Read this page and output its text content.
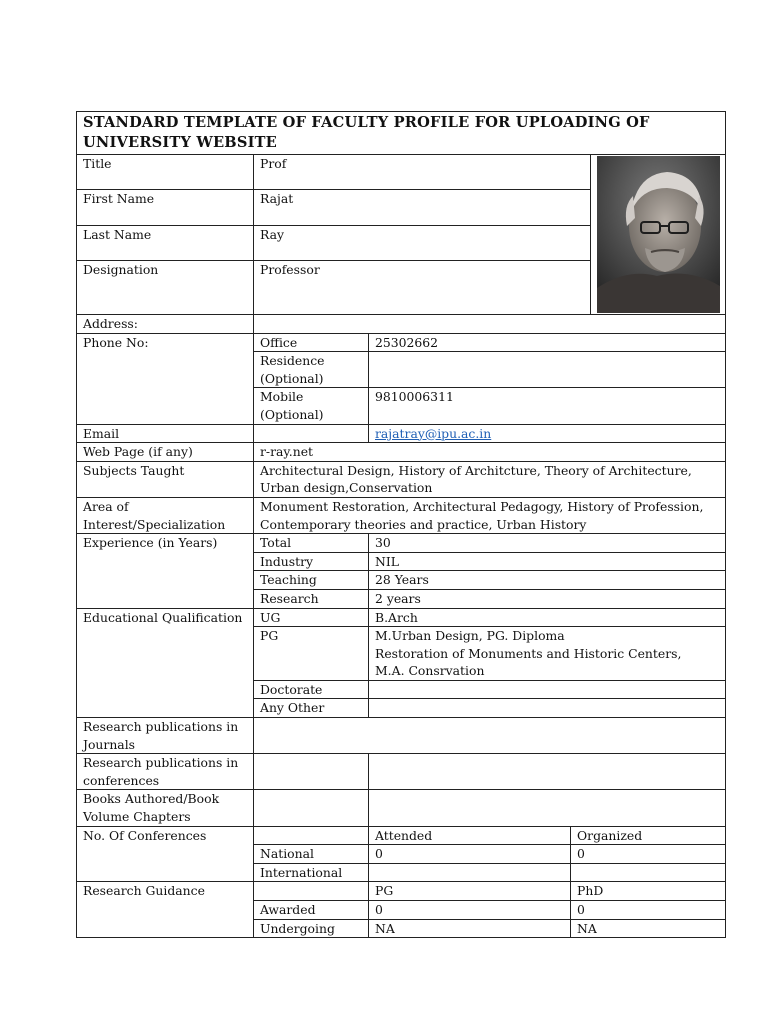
STANDARD TEMPLATE OF FACULTY PROFILE FOR UPLOADING OF UNIVERSITY WEBSITE				
Title	Prof	

First Name	Rajat			
Last Name	Ray			
Designation	Professor			
Address:				
Phone No:	Office	25302662		
	Residence (Optional)			
	Mobile (Optional)	9810006311		
Email		rajatray@ipu.ac.in		
Web Page (if any)	r-ray.net			
Subjects Taught	Architectural Design, History of Architcture, Theory of Architecture, Urban design,Conservation			
Area of Interest/Specialization	Monument Restoration, Architectural Pedagogy, History of Profession, Contemporary theories and practice, Urban History			
Experience (in Years)	Total	30		
	Industry	NIL		
	Teaching	28 Years		
	Research	2 years		
Educational Qualification	UG	B.Arch		
	PG	M.Urban Design, PG. Diploma
Restoration of Monuments and Historic Centers,
M.A. Consrvation		

	Doctorate			
	Any Other			
Research publications in Journals				
Research publications in conferences				
Books Authored/Book Volume Chapters				
No. Of Conferences		Attended	Organized	
	National	0	0	
	International			
Research Guidance		PG	PhD	
	Awarded	0	0	
	Undergoing	NA	NA	
